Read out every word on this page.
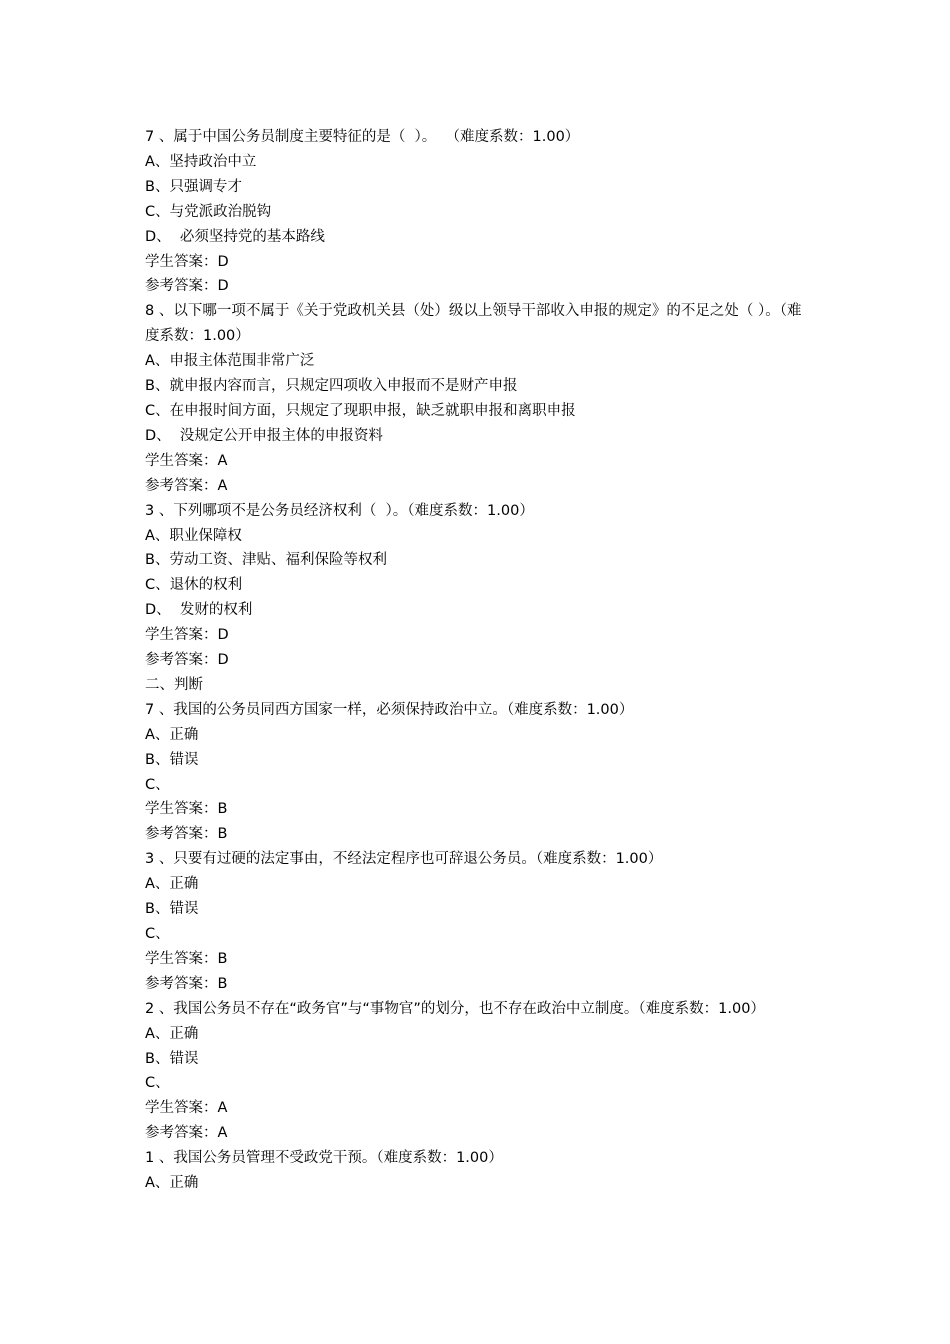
7 、属于中国公务员制度主要特征的是（  ）。  （难度系数：1.00）
A、坚持政治中立
B、只强调专才
C、与党派政治脱钩
D、  必须坚持党的基本路线
学生答案：D
参考答案：D
8 、以下哪一项不属于《关于党政机关县（处）级以上领导干部收入申报的规定》的不足之处（ ）。（难度系数：1.00）
A、申报主体范围非常广泛
B、就申报内容而言，只规定四项收入申报而不是财产申报
C、在申报时间方面，只规定了现职申报，缺乏就职申报和离职申报
D、  没规定公开申报主体的申报资料
学生答案：A
参考答案：A
3 、下列哪项不是公务员经济权利（  ）。（难度系数：1.00）
A、职业保障权
B、劳动工资、津贴、福利保险等权利
C、退休的权利
D、  发财的权利
学生答案：D
参考答案：D
二、判断
7 、我国的公务员同西方国家一样，必须保持政治中立。（难度系数：1.00）
A、正确
B、错误
C、
学生答案：B
参考答案：B
3 、只要有过硬的法定事由，不经法定程序也可辞退公务员。（难度系数：1.00）
A、正确
B、错误
C、
学生答案：B
参考答案：B
2 、我国公务员不存在“政务官”与“事物官”的划分，也不存在政治中立制度。（难度系数：1.00）
A、正确
B、错误
C、
学生答案：A
参考答案：A
1 、我国公务员管理不受政党干预。（难度系数：1.00）
A、正确
